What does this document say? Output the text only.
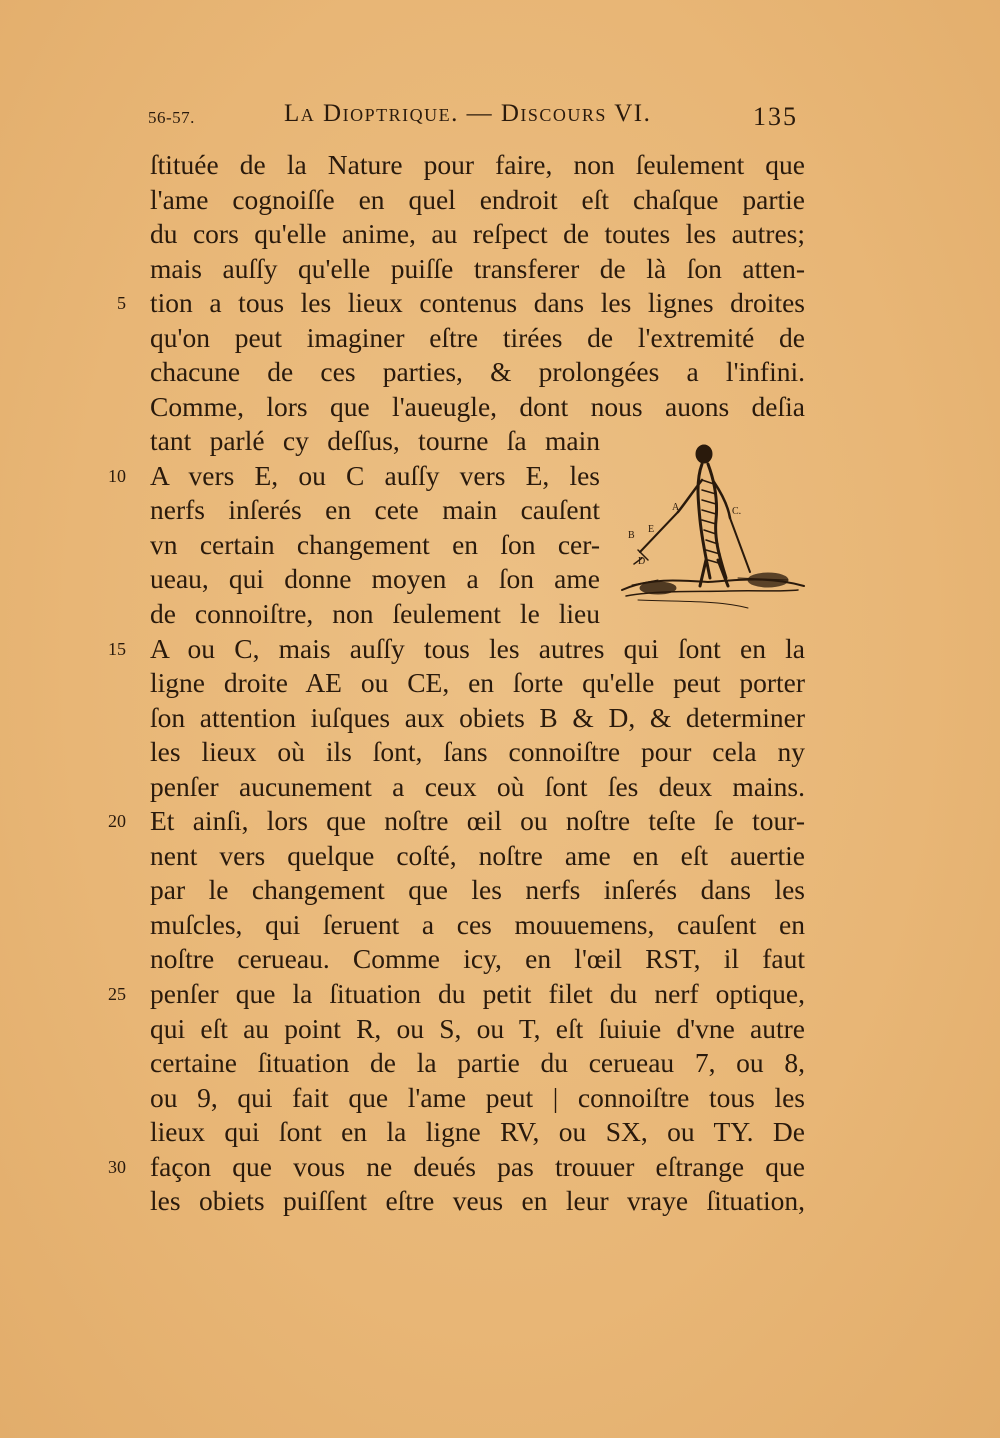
56-57.	La Dioptrique. — Discours VI.	135
ſtituée de la Nature pour faire, non ſeulement que
l'ame cognoiſſe en quel endroit eſt chaſque partie
du cors qu'elle anime, au reſpect de toutes les autres;
mais auſſy qu'elle puiſſe transferer de là ſon atten-
tion a tous les lieux contenus dans les lignes droites
qu'on peut imaginer eſtre tirées de l'extremité de
chacune de ces parties, & prolongées a l'infini.
Comme, lors que l'aueugle, dont nous auons deſia
tant parlé cy deſſus, tourne ſa main
A vers E, ou C auſſy vers E, les
nerfs inſerés en cete main cauſent
vn certain changement en ſon cer-
ueau, qui donne moyen a ſon ame
de connoiſtre, non ſeulement le lieu
A ou C, mais auſſy tous les autres qui ſont en la
ligne droite AE ou CE, en ſorte qu'elle peut porter
ſon attention iuſques aux obiets B & D, & determiner
les lieux où ils ſont, ſans connoiſtre pour cela ny
penſer aucunement a ceux où ſont ſes deux mains.
Et ainſi, lors que noſtre œil ou noſtre teſte ſe tour-
nent vers quelque coſté, noſtre ame en eſt auertie
par le changement que les nerfs inſerés dans les
muſcles, qui ſeruent a ces mouuemens, cauſent en
noſtre cerueau. Comme icy, en l'œil RST, il faut
penſer que la ſituation du petit filet du nerf optique,
qui eſt au point R, ou S, ou T, eſt ſuiuie d'vne autre
certaine ſituation de la partie du cerueau 7, ou 8,
ou 9, qui fait que l'ame peut | connoiſtre tous les
lieux qui ſont en la ligne RV, ou SX, ou TY. De
façon que vous ne deués pas trouuer eſtrange que
les obiets puiſſent eſtre veus en leur vraye ſituation,
5
10
15
20
25
30
A	C.
E
B
D
